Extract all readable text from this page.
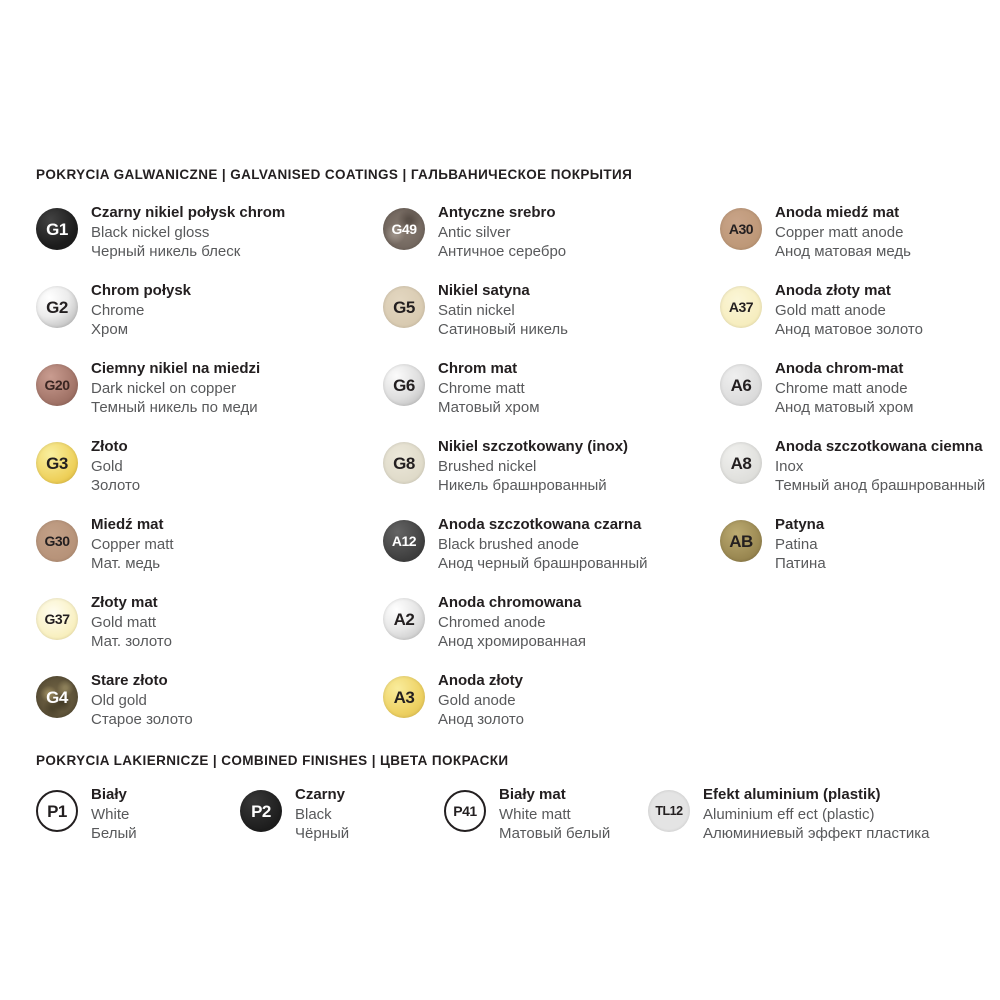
POKRYCIA GALWANICZNE | GALVANISED COATINGS | ГАЛЬВАНИЧЕСКОЕ ПОКРЫТИЯ
G1
Czarny nikiel połysk chrom
Black nickel gloss
Черный никель блеск
G2
Chrom połysk
Chrome
Хром
G20
Ciemny nikiel na miedzi
Dark nickel on copper
Темный никель по меди
G3
Złoto
Gold
Золото
G30
Miedź mat
Copper matt
Мат. медь
G37
Złoty mat
Gold matt
Мат. золото
G4
Stare złoto
Old gold
Старое золото
G49
Antyczne srebro
Antic silver
Античное серебро
G5
Nikiel satyna
Satin nickel
Сатиновый никель
G6
Chrom mat
Chrome matt
Матовый хром
G8
Nikiel szczotkowany (inox)
Brushed nickel
Никель брашнрованный
A12
Anoda szczotkowana czarna
Black brushed anode
Анод черный брашнрованный
A2
Anoda chromowana
Chromed anode
Анод хромированная
A3
Anoda złoty
Gold anode
Анод золото
A30
Anoda miedź mat
Copper matt anode
Анод матовая медь
A37
Anoda złoty mat
Gold matt anode
Анод матовое золото
A6
Anoda chrom-mat
Chrome matt anode
Анод матовый хром
A8
Anoda szczotkowana ciemna
Inox
Темный анод брашнрованный
AB
Patyna
Patina
Патина
POKRYCIA LAKIERNICZE | COMBINED FINISHES | ЦВЕТА ПОКРАСКИ
P1
Biały
White
Белый
P2
Czarny
Black
Чёрный
P41
Biały mat
White matt
Матовый белый
TL12
Efekt aluminium (plastik)
Aluminium eff ect (plastic)
Алюминиевый эффект пластика
